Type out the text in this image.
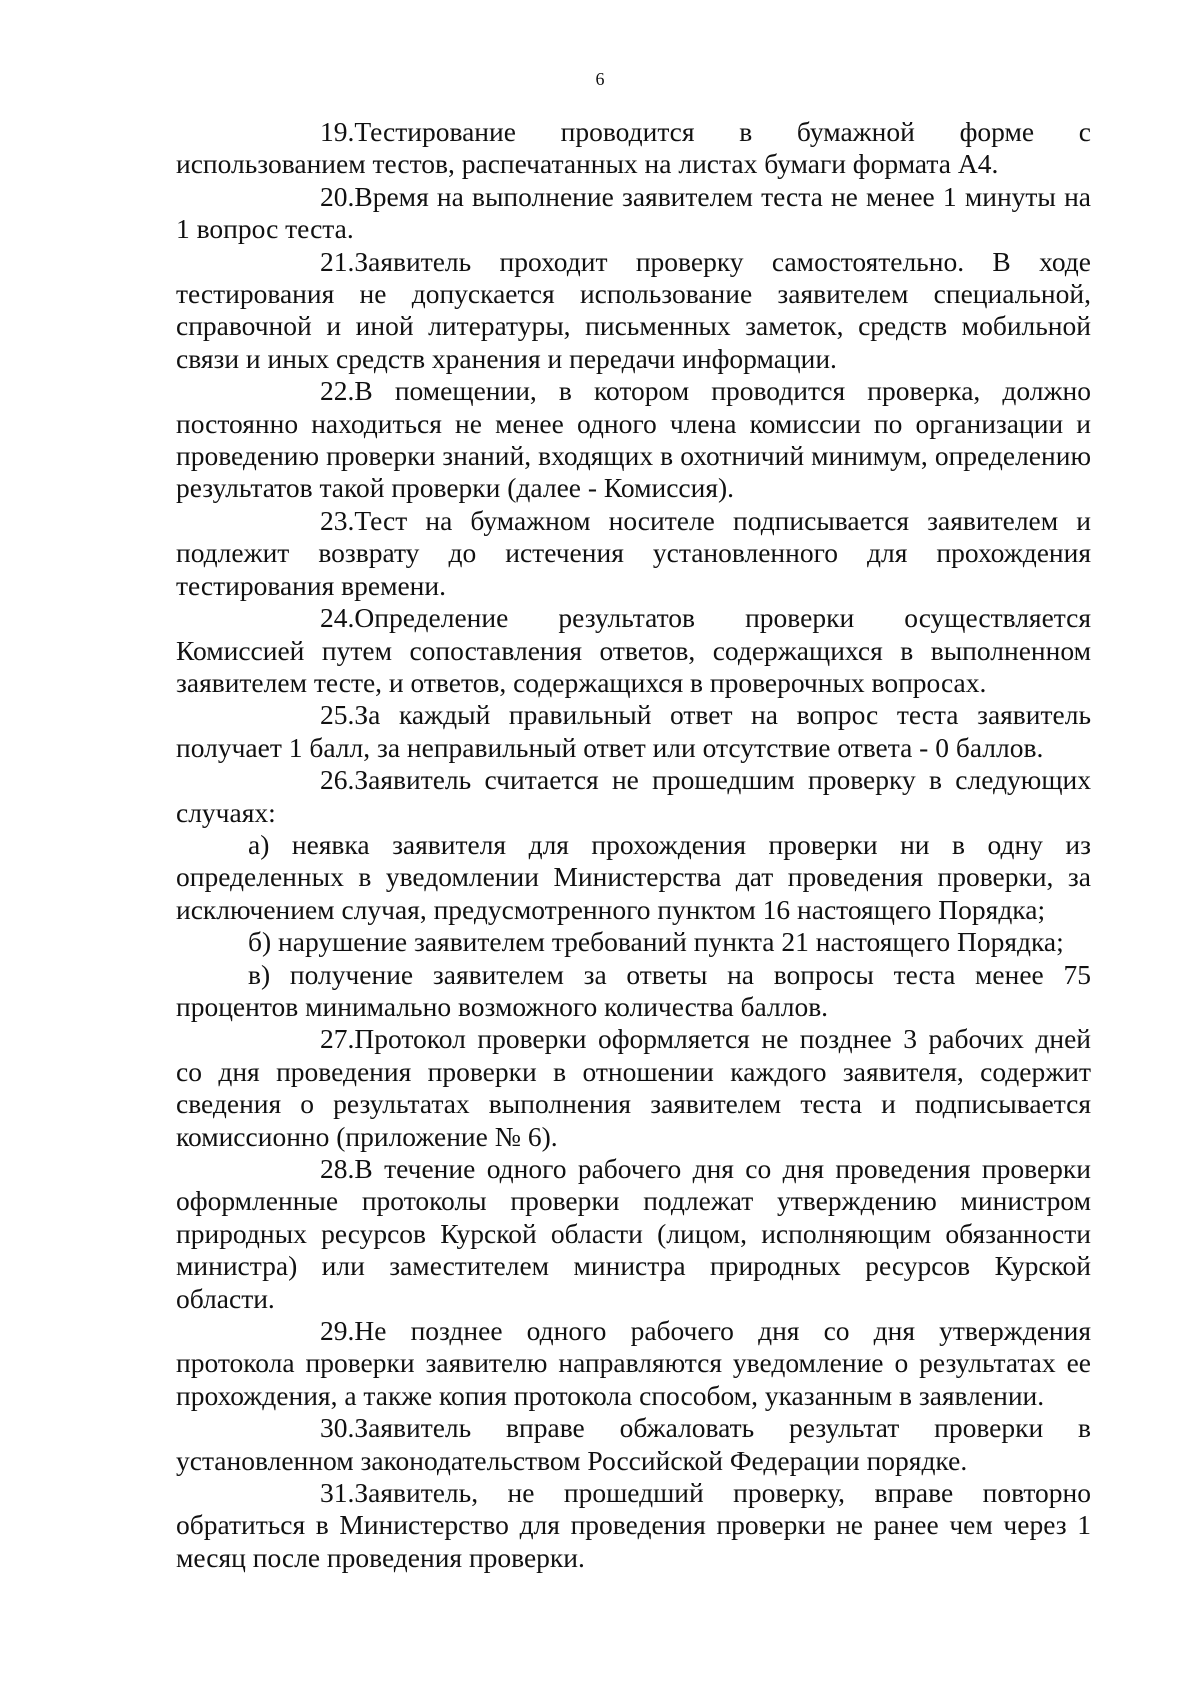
6

19.Тестирование проводится в бумажной форме с использованием тестов, распечатанных на листах бумаги формата А4.

20.Время на выполнение заявителем теста не менее 1 минуты на 1 вопрос теста.

21.Заявитель проходит проверку самостоятельно. В ходе тестирования не допускается использование заявителем специальной, справочной и иной литературы, письменных заметок, средств мобильной связи и иных средств хранения и передачи информации.

22.В помещении, в котором проводится проверка, должно постоянно находиться не менее одного члена комиссии по организации и проведению проверки знаний, входящих в охотничий минимум, определению результатов такой проверки (далее - Комиссия).

23.Тест на бумажном носителе подписывается заявителем и подлежит возврату до истечения установленного для прохождения тестирования времени.

24.Определение результатов проверки осуществляется Комиссией путем сопоставления ответов, содержащихся в выполненном заявителем тесте, и ответов, содержащихся в проверочных вопросах.

25.За каждый правильный ответ на вопрос теста заявитель получает 1 балл, за неправильный ответ или отсутствие ответа - 0 баллов.

26.Заявитель считается не прошедшим проверку в следующих случаях:

а) неявка заявителя для прохождения проверки ни в одну из определенных в уведомлении Министерства дат проведения проверки, за исключением случая, предусмотренного пунктом 16 настоящего Порядка;

б) нарушение заявителем требований пункта 21 настоящего Порядка;

в) получение заявителем за ответы на вопросы теста менее 75 процентов минимально возможного количества баллов.

27.Протокол проверки оформляется не позднее 3 рабочих дней со дня проведения проверки в отношении каждого заявителя, содержит сведения о результатах выполнения заявителем теста и подписывается комиссионно (приложение № 6).

28.В течение одного рабочего дня со дня проведения проверки оформленные протоколы проверки подлежат утверждению министром природных ресурсов Курской области (лицом, исполняющим обязанности министра) или заместителем министра природных ресурсов Курской области.

29.Не позднее одного рабочего дня со дня утверждения протокола проверки заявителю направляются уведомление о результатах ее прохождения, а также копия протокола способом, указанным в заявлении.

30.Заявитель вправе обжаловать результат проверки в установленном законодательством Российской Федерации порядке.

31.Заявитель, не прошедший проверку, вправе повторно обратиться в Министерство для проведения проверки не ранее чем через 1 месяц после проведения проверки.
